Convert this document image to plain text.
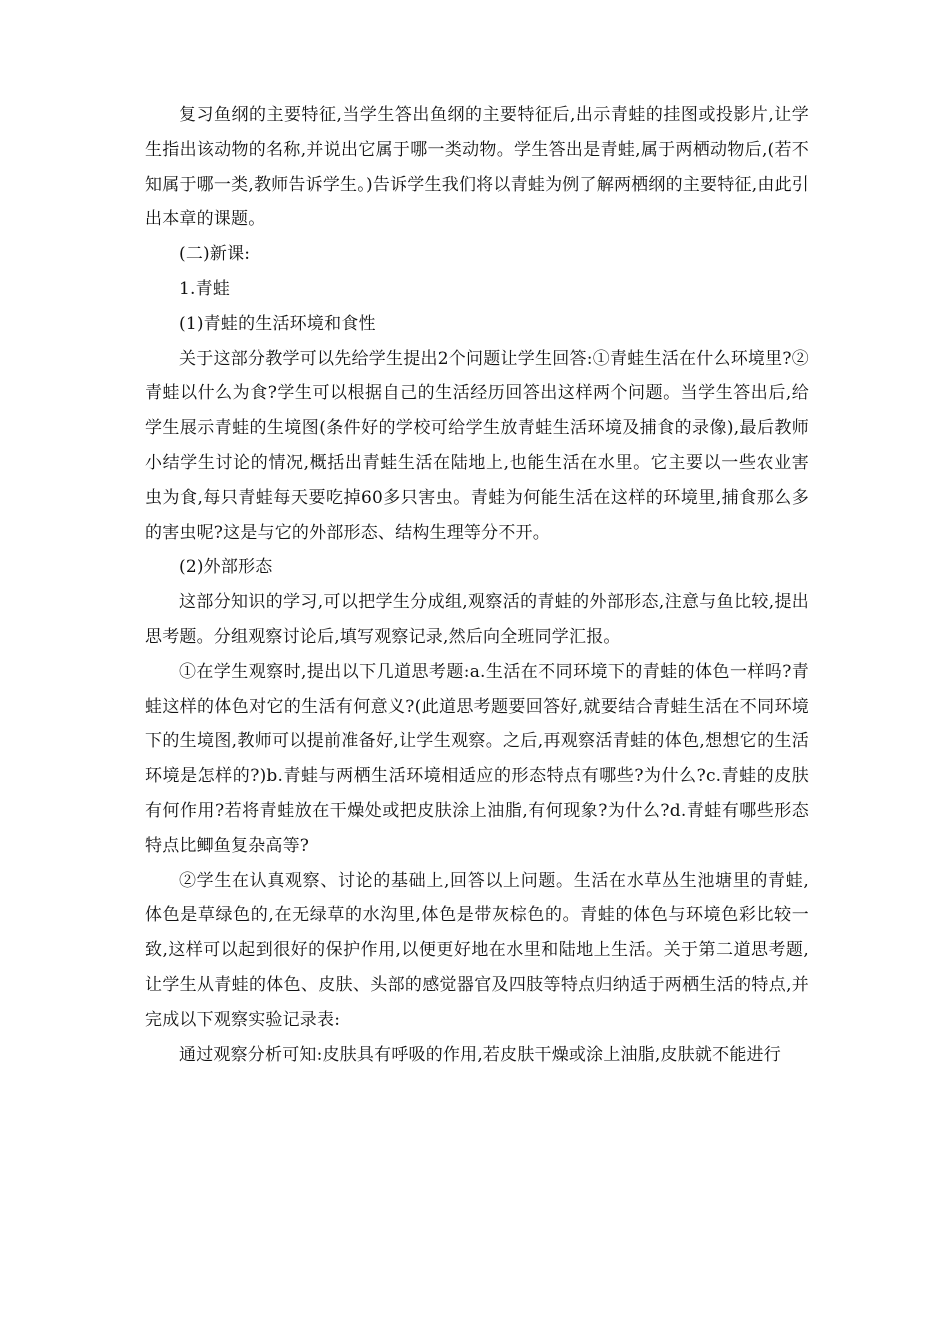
复习鱼纲的主要特征,当学生答出鱼纲的主要特征后,出示青蛙的挂图或投影片,让学生指出该动物的名称,并说出它属于哪一类动物。学生答出是青蛙,属于两栖动物后,(若不知属于哪一类,教师告诉学生。)告诉学生我们将以青蛙为例了解两栖纲的主要特征,由此引出本章的课题。

(二)新课:

1.青蛙

(1)青蛙的生活环境和食性

关于这部分教学可以先给学生提出2个问题让学生回答:①青蛙生活在什么环境里?②青蛙以什么为食?学生可以根据自己的生活经历回答出这样两个问题。当学生答出后,给学生展示青蛙的生境图(条件好的学校可给学生放青蛙生活环境及捕食的录像),最后教师小结学生讨论的情况,概括出青蛙生活在陆地上,也能生活在水里。它主要以一些农业害虫为食,每只青蛙每天要吃掉60多只害虫。青蛙为何能生活在这样的环境里,捕食那么多的害虫呢?这是与它的外部形态、结构生理等分不开。

(2)外部形态

这部分知识的学习,可以把学生分成组,观察活的青蛙的外部形态,注意与鱼比较,提出思考题。分组观察讨论后,填写观察记录,然后向全班同学汇报。

①在学生观察时,提出以下几道思考题:a.生活在不同环境下的青蛙的体色一样吗?青蛙这样的体色对它的生活有何意义?(此道思考题要回答好,就要结合青蛙生活在不同环境下的生境图,教师可以提前准备好,让学生观察。之后,再观察活青蛙的体色,想想它的生活环境是怎样的?)b.青蛙与两栖生活环境相适应的形态特点有哪些?为什么?c.青蛙的皮肤有何作用?若将青蛙放在干燥处或把皮肤涂上油脂,有何现象?为什么?d.青蛙有哪些形态特点比鲫鱼复杂高等?

②学生在认真观察、讨论的基础上,回答以上问题。生活在水草丛生池塘里的青蛙,体色是草绿色的,在无绿草的水沟里,体色是带灰棕色的。青蛙的体色与环境色彩比较一致,这样可以起到很好的保护作用,以便更好地在水里和陆地上生活。关于第二道思考题,让学生从青蛙的体色、皮肤、头部的感觉器官及四肢等特点归纳适于两栖生活的特点,并完成以下观察实验记录表:

通过观察分析可知:皮肤具有呼吸的作用,若皮肤干燥或涂上油脂,皮肤就不能进行
